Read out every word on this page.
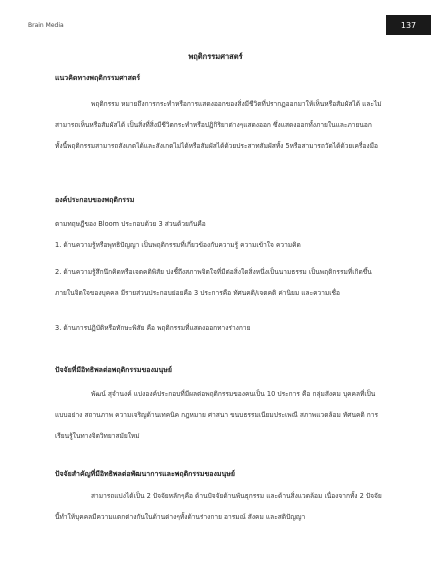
Brain Media	137
พฤติกรรมศาสตร์
แนวคิดทางพฤติกรรมศาสตร์
พฤติกรรม หมายถึงการกระทำหรือการแสดงออกของสิ่งมีชีวิตที่ปรากฏออกมาให้เห็นหรือสัมผัสได้ และไม่สามารถเห็นหรือสัมผัสได้ เป็นสิ่งที่สิ่งมีชีวิตกระทำหรือปฏิกิริยาต่างๆแสดงออก ซึ่งแสดงออกทั้งภายในและภายนอก ทั้งนี้พฤติกรรมสามารถสังเกตได้และสังเกตไม่ได้หรือสัมผัสได้ด้วยประสาทสัมผัสทั้ง 5หรือสามารถวัดได้ด้วยเครื่องมือ
องค์ประกอบของพฤติกรรม
ตามทฤษฎีของ Bloom ประกอบด้วย 3 ส่วนด้วยกันคือ
1. ด้านความรู้หรือพุทธิปัญญา เป็นพฤติกรรมที่เกี่ยวข้องกับความรู้ ความเข้าใจ ความคิด
2. ด้านความรู้สึกนึกคิดหรือเจตคติพิสัย บ่งชี้ถึงสภาพจิตใจที่มีต่อสิ่งใดสิ่งหนึ่งเป็นนามธรรม เป็นพฤติกรรมที่เกิดขึ้นภายในจิตใจของบุคคล มีรายส่วนประกอบย่อยคือ 3 ประการคือ ทัศนคติ/เจตคติ ค่านิยม และความเชื่อ
3. ด้านการปฏิบัติหรือทักษะพิสัย คือ พฤติกรรมที่แสดงออกทางร่างกาย
ปัจจัยที่มีอิทธิพลต่อพฤติกรรมของมนุษย์
พัฒน์ สุจำนงค์ แบ่งองค์ประกอบที่มีผลต่อพฤติกรรมของคนเป็น 10 ประการ คือ กลุ่มสังคม บุคคลที่เป็นแบบอย่าง สถานภาพ ความเจริญด้านเทคนิค กฎหมาย ศาสนา ขนบธรรมเนียมประเพณี สภาพแวดล้อม ทัศนคติ การเรียนรู้ในทางจิตวิทยาสมัยใหม่
ปัจจัยสำคัญที่มีอิทธิพลต่อพัฒนาการและพฤติกรรมของมนุษย์
สามารถแบ่งได้เป็น 2 ปัจจัยหลักๆคือ ด้านปัจจัยด้านพันธุกรรม และด้านสิ่งแวดล้อม เนื่องจากทั้ง 2 ปัจจัยนี้ทำให้บุคคลมีความแตกต่างกันในด้านต่างๆทั้งด้านร่างกาย อารมณ์ สังคม และสติปัญญา
